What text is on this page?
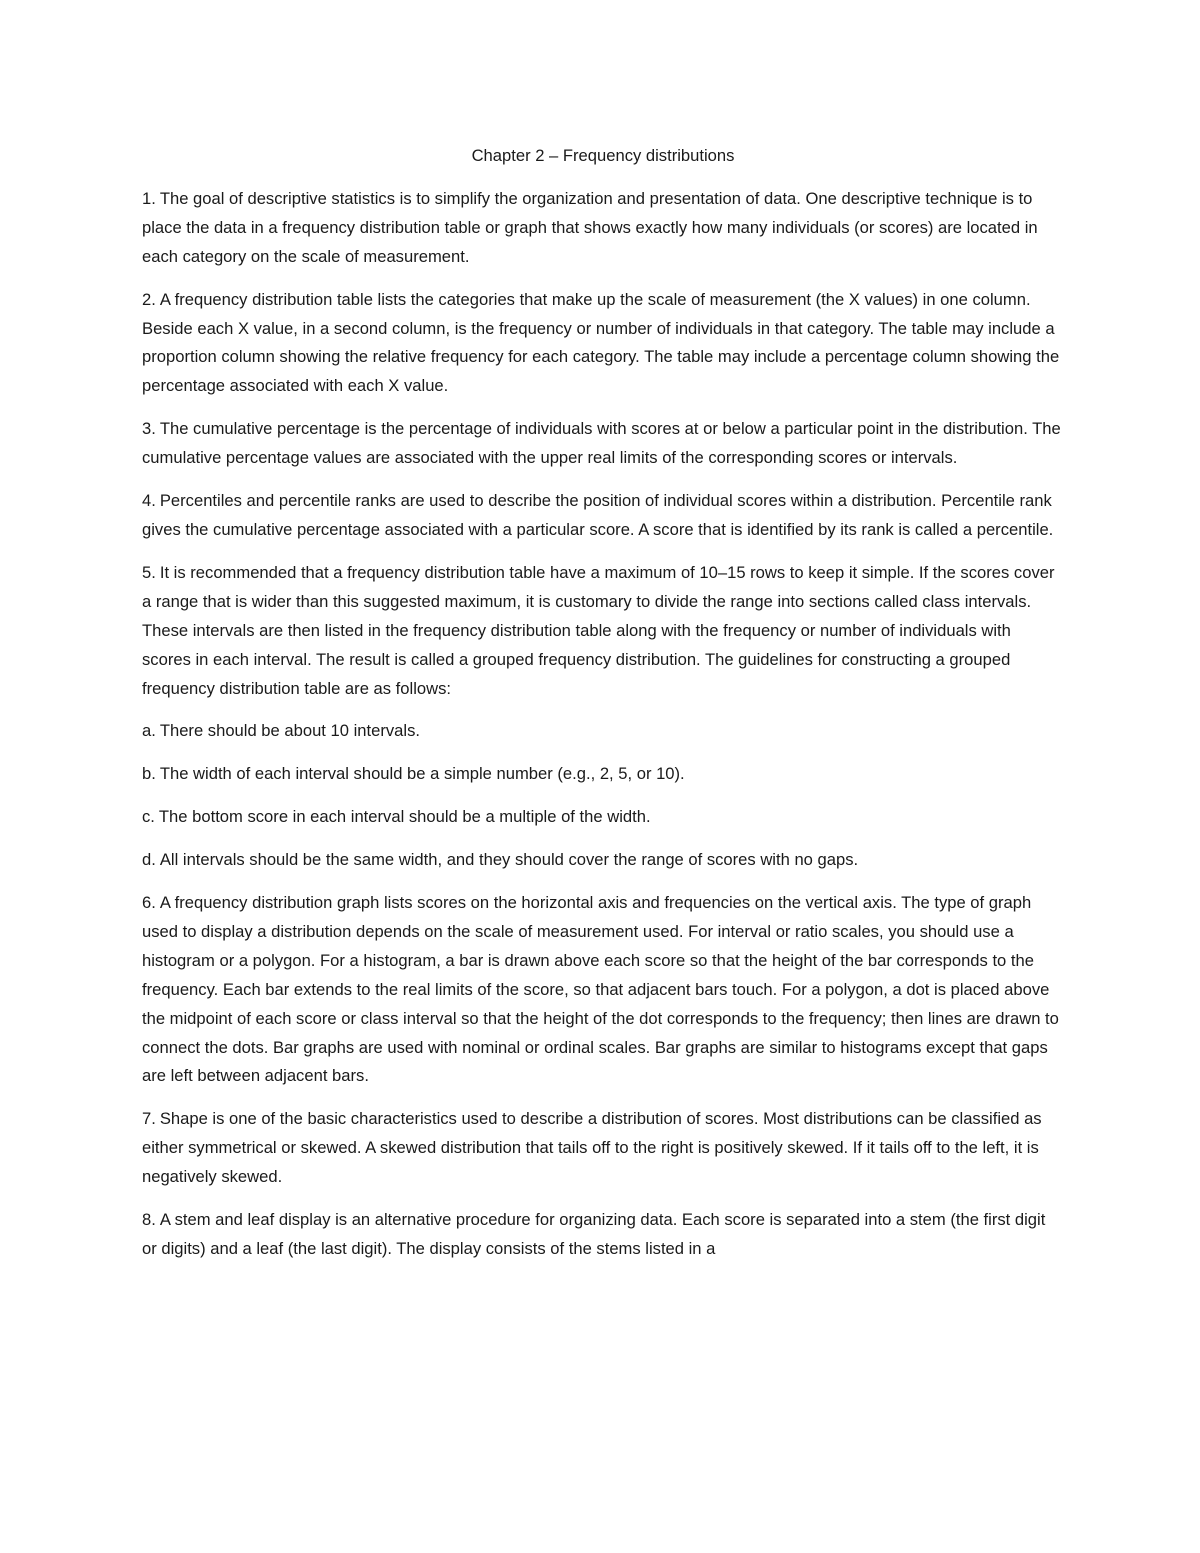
Chapter 2 – Frequency distributions

1. The goal of descriptive statistics is to simplify the organization and presentation of data. One descriptive technique is to place the data in a frequency distribution table or graph that shows exactly how many individuals (or scores) are located in each category on the scale of measurement.

2. A frequency distribution table lists the categories that make up the scale of measurement (the X values) in one column. Beside each X value, in a second column, is the frequency or number of individuals in that category. The table may include a proportion column showing the relative frequency for each category. The table may include a percentage column showing the percentage associated with each X value.

3. The cumulative percentage is the percentage of individuals with scores at or below a particular point in the distribution. The cumulative percentage values are associated with the upper real limits of the corresponding scores or intervals.

4. Percentiles and percentile ranks are used to describe the position of individual scores within a distribution. Percentile rank gives the cumulative percentage associated with a particular score. A score that is identified by its rank is called a percentile.

5. It is recommended that a frequency distribution table have a maximum of 10–15 rows to keep it simple. If the scores cover a range that is wider than this suggested maximum, it is customary to divide the range into sections called class intervals. These intervals are then listed in the frequency distribution table along with the frequency or number of individuals with scores in each interval. The result is called a grouped frequency distribution. The guidelines for constructing a grouped frequency distribution table are as follows:

a. There should be about 10 intervals.

b. The width of each interval should be a simple number (e.g., 2, 5, or 10).

c. The bottom score in each interval should be a multiple of the width.

d. All intervals should be the same width, and they should cover the range of scores with no gaps.

6. A frequency distribution graph lists scores on the horizontal axis and frequencies on the vertical axis. The type of graph used to display a distribution depends on the scale of measurement used. For interval or ratio scales, you should use a histogram or a polygon. For a histogram, a bar is drawn above each score so that the height of the bar corresponds to the frequency. Each bar extends to the real limits of the score, so that adjacent bars touch. For a polygon, a dot is placed above the midpoint of each score or class interval so that the height of the dot corresponds to the frequency; then lines are drawn to connect the dots. Bar graphs are used with nominal or ordinal scales. Bar graphs are similar to histograms except that gaps are left between adjacent bars.

7. Shape is one of the basic characteristics used to describe a distribution of scores. Most distributions can be classified as either symmetrical or skewed. A skewed distribution that tails off to the right is positively skewed. If it tails off to the left, it is negatively skewed.

8. A stem and leaf display is an alternative procedure for organizing data. Each score is separated into a stem (the first digit or digits) and a leaf (the last digit). The display consists of the stems listed in a
